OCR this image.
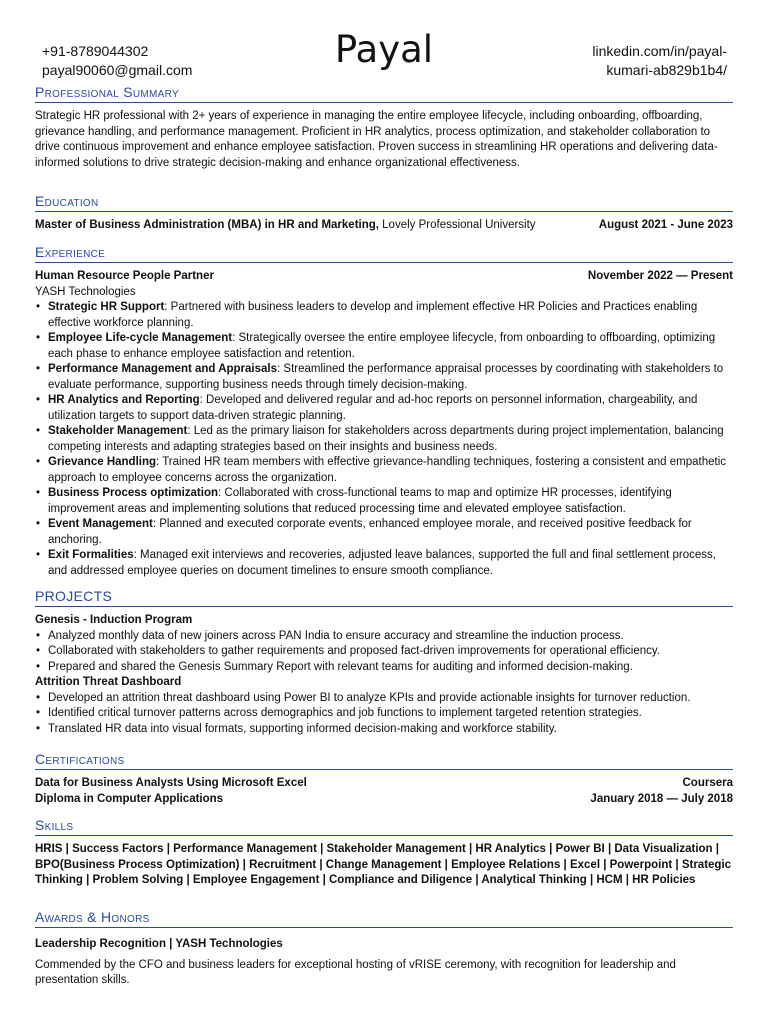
+91-8789044302
payal90060@gmail.com	Payal	linkedin.com/in/payal-
kumari-ab829b1b4/
Professional Summary
Strategic HR professional with 2+ years of experience in managing the entire employee lifecycle, including onboarding, offboarding, grievance handling, and performance management. Proficient in HR analytics, process optimization, and stakeholder collaboration to drive continuous improvement and enhance employee satisfaction. Proven success in streamlining HR operations and delivering data-informed solutions to drive strategic decision-making and enhance organizational effectiveness.
Education
Master of Business Administration (MBA) in HR and Marketing, Lovely Professional University	August 2021 - June 2023
Experience
Human Resource People Partner	November 2022 — Present
YASH Technologies
• Strategic HR Support: Partnered with business leaders to develop and implement effective HR Policies and Practices enabling effective workforce planning.
• Employee Life-cycle Management: Strategically oversee the entire employee lifecycle, from onboarding to offboarding, optimizing each phase to enhance employee satisfaction and retention.
• Performance Management and Appraisals: Streamlined the performance appraisal processes by coordinating with stakeholders to evaluate performance, supporting business needs through timely decision-making.
• HR Analytics and Reporting: Developed and delivered regular and ad-hoc reports on personnel information, chargeability, and utilization targets to support data-driven strategic planning.
• Stakeholder Management: Led as the primary liaison for stakeholders across departments during project implementation, balancing competing interests and adapting strategies based on their insights and business needs.
• Grievance Handling: Trained HR team members with effective grievance-handling techniques, fostering a consistent and empathetic approach to employee concerns across the organization.
• Business Process optimization: Collaborated with cross-functional teams to map and optimize HR processes, identifying improvement areas and implementing solutions that reduced processing time and elevated employee satisfaction.
• Event Management: Planned and executed corporate events, enhanced employee morale, and received positive feedback for anchoring.
• Exit Formalities: Managed exit interviews and recoveries, adjusted leave balances, supported the full and final settlement process, and addressed employee queries on document timelines to ensure smooth compliance.
PROJECTS
Genesis - Induction Program
• Analyzed monthly data of new joiners across PAN India to ensure accuracy and streamline the induction process.
• Collaborated with stakeholders to gather requirements and proposed fact-driven improvements for operational efficiency.
• Prepared and shared the Genesis Summary Report with relevant teams for auditing and informed decision-making.
Attrition Threat Dashboard
• Developed an attrition threat dashboard using Power BI to analyze KPIs and provide actionable insights for turnover reduction.
• Identified critical turnover patterns across demographics and job functions to implement targeted retention strategies.
• Translated HR data into visual formats, supporting informed decision-making and workforce stability.
Certifications
Data for Business Analysts Using Microsoft Excel	Coursera
Diploma in Computer Applications	January 2018 — July 2018
Skills
HRIS | Success Factors | Performance Management | Stakeholder Management | HR Analytics | Power BI | Data Visualization | BPO(Business Process Optimization) | Recruitment | Change Management | Employee Relations | Excel | Powerpoint | Strategic Thinking | Problem Solving | Employee Engagement | Compliance and Diligence | Analytical Thinking | HCM | HR Policies
Awards & Honors
Leadership Recognition | YASH Technologies
Commended by the CFO and business leaders for exceptional hosting of vRISE ceremony, with recognition for leadership and presentation skills.
